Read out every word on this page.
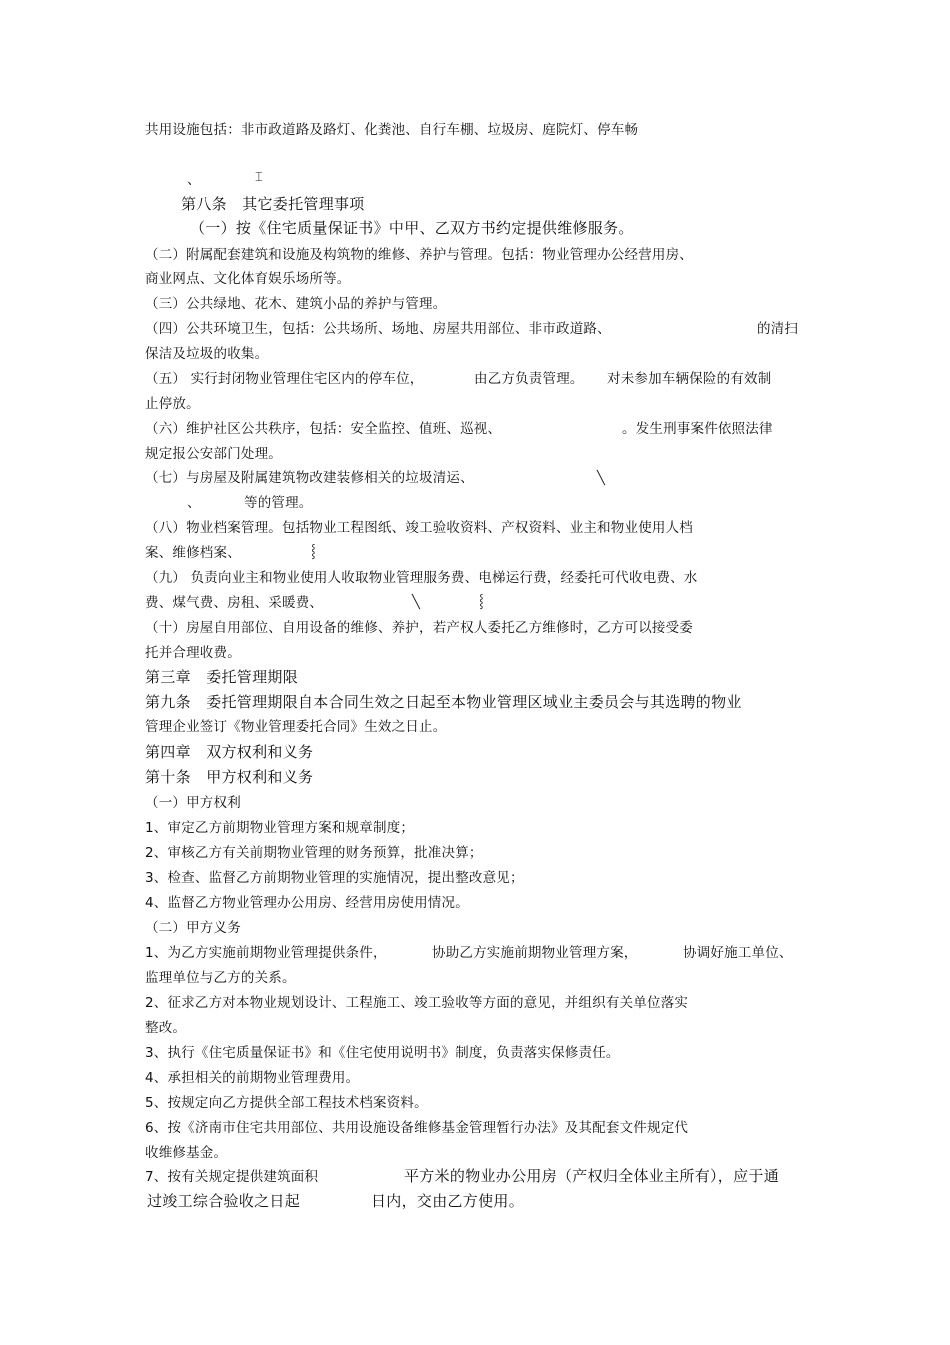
共用设施包括：非市政道路及路灯、化粪池、自行车棚、垃圾房、庭院灯、停车畅
、	⌶
第八条　其它委托管理事项
（一）按《住宅质量保证书》中甲、乙双方书约定提供维修服务。
（二）附属配套建筑和设施及构筑物的维修、养护与管理。包括：物业管理办公经营用房、
商业网点、文化体育娱乐场所等。
（三）公共绿地、花木、建筑小品的养护与管理。
（四）公共环境卫生，包括：公共场所、场地、房屋共用部位、非市政道路、	的清扫
保洁及垃圾的收集。
（五） 实行封闭物业管理住宅区内的停车位，	由乙方负责管理。 对未参加车辆保险的有效制
止停放。
（六）维护社区公共秩序，包括：安全监控、值班、巡视、	。发生刑事案件依照法律
规定报公安部门处理。
（七）与房屋及附属建筑物改建装修相关的垃圾清运、	╲
、	等的管理。
（八）物业档案管理。包括物业工程图纸、竣工验收资料、产权资料、业主和物业使用人档
案、维修档案、	⸾
（九） 负责向业主和物业使用人收取物业管理服务费、电梯运行费，经委托可代收电费、水
费、煤气费、房租、采暖费、	╲	⸾
（十）房屋自用部位、自用设备的维修、养护，若产权人委托乙方维修时，乙方可以接受委
托并合理收费。
第三章　委托管理期限
第九条　委托管理期限自本合同生效之日起至本物业管理区域业主委员会与其选聘的物业
管理企业签订《物业管理委托合同》生效之日止。
第四章　双方权利和义务
第十条　甲方权利和义务
（一）甲方权利
1、审定乙方前期物业管理方案和规章制度；
2、审核乙方有关前期物业管理的财务预算，批准决算；
3、检查、监督乙方前期物业管理的实施情况，提出整改意见；
4、监督乙方物业管理办公用房、经营用房使用情况。
（二）甲方义务
1、为乙方实施前期物业管理提供条件，	协助乙方实施前期物业管理方案，	协调好施工单位、
监理单位与乙方的关系。
2、征求乙方对本物业规划设计、工程施工、竣工验收等方面的意见，并组织有关单位落实
整改。
3、执行《住宅质量保证书》和《住宅使用说明书》制度，负责落实保修责任。
4、承担相关的前期物业管理费用。
5、按规定向乙方提供全部工程技术档案资料。
6、按《济南市住宅共用部位、共用设施设备维修基金管理暂行办法》及其配套文件规定代
收维修基金。
7、按有关规定提供建筑面积	平方米的物业办公用房（产权归全体业主所有），应于通
过竣工综合验收之日起	日内，交由乙方使用。
